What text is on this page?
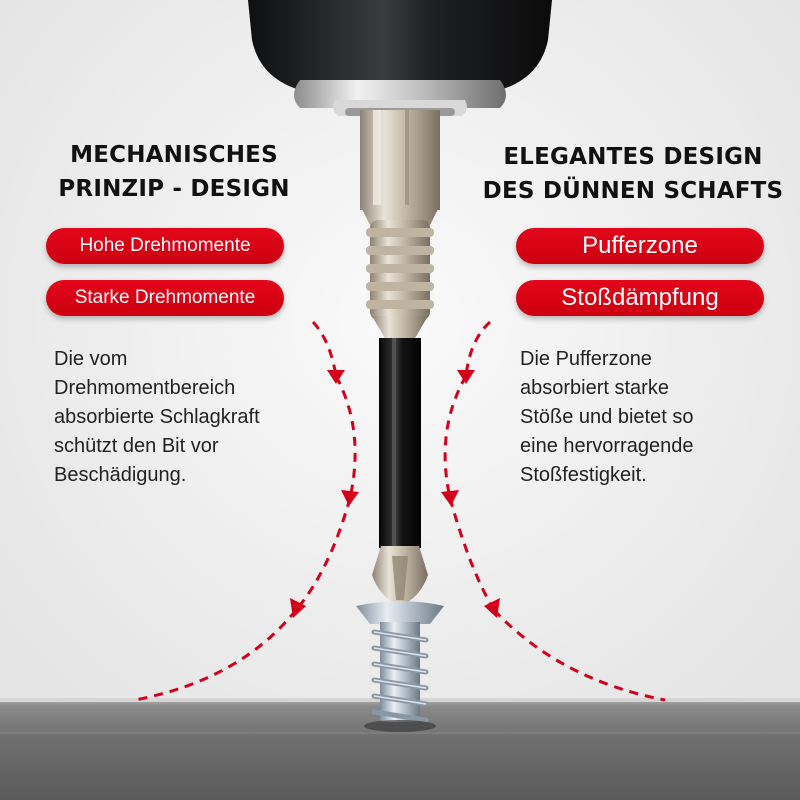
MECHANISCHES
PRINZIP - DESIGN
Hohe Drehmomente
Starke Drehmomente

Die vom
Drehmomentbereich
absorbierte Schlagkraft
schützt den Bit vor
Beschädigung.

ELEGANTES DESIGN
DES DÜNNEN SCHAFTS
Pufferzone
Stoßdämpfung

Die Pufferzone
absorbiert starke
Stöße und bietet so
eine hervorragende
Stoßfestigkeit.
